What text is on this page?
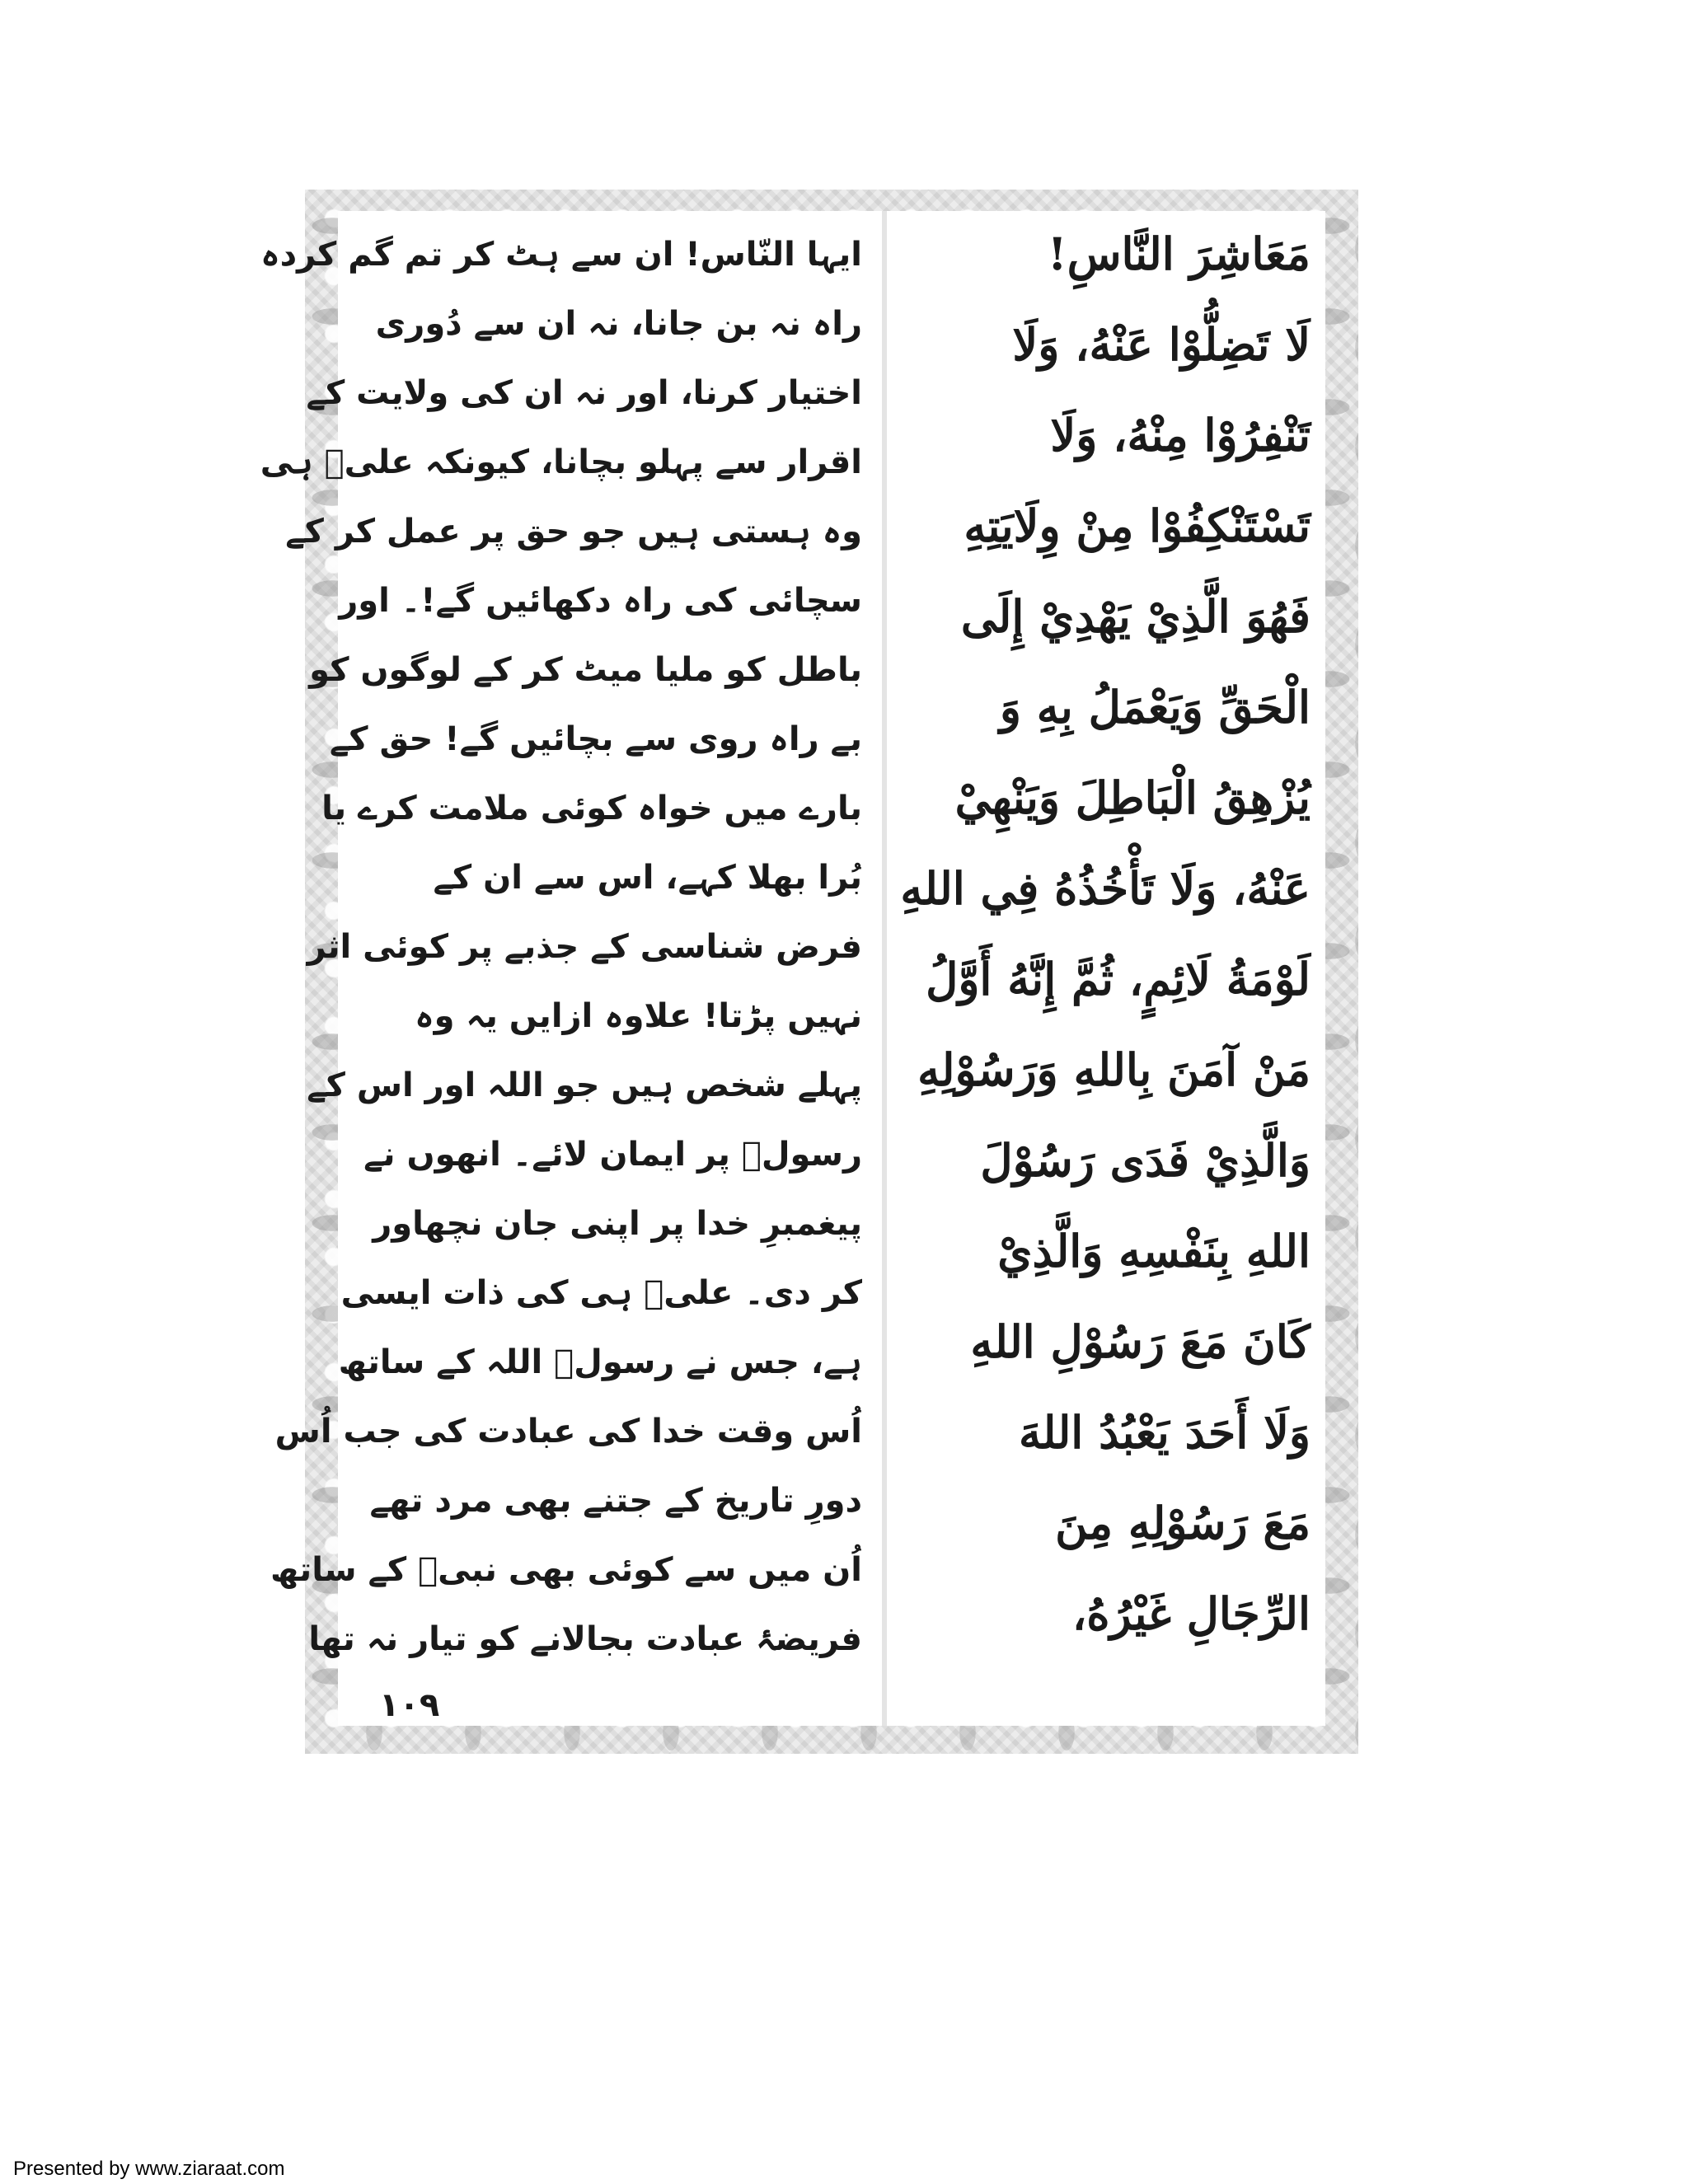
مَعَاشِرَ النَّاسِ!
لَا تَضِلُّوْا عَنْهُ، وَلَا
تَنْفِرُوْا مِنْهُ، وَلَا
تَسْتَنْكِفُوْا مِنْ وِلَايَتِهِ
فَهُوَ الَّذِيْ يَهْدِيْ إِلَى
الْحَقِّ وَيَعْمَلُ بِهِ وَ
يُزْهِقُ الْبَاطِلَ وَيَنْهِيْ
عَنْهُ، وَلَا تَأْخُذُهُ فِي اللهِ
لَوْمَةُ لَائِمٍ، ثُمَّ إِنَّهُ أَوَّلُ
مَنْ آمَنَ بِاللهِ وَرَسُوْلِهِ
وَالَّذِيْ فَدَى رَسُوْلَ
اللهِ بِنَفْسِهِ وَالَّذِيْ
كَانَ مَعَ رَسُوْلِ اللهِ
وَلَا أَحَدَ يَعْبُدُ اللهَ
مَعَ رَسُوْلِهِ مِنَ
الرِّجَالِ غَيْرُهُ،
ایہا النّاس! ان سے ہٹ کر تم گم کردہ
راہ نہ بن جانا، نہ ان سے دُوری
اختیار کرنا، اور نہ ان کی ولایت کے
اقرار سے پہلو بچانا، کیونکہ علیؑ ہی
وہ ہستی ہیں جو حق پر عمل کر کے
سچائی کی راہ دکھائیں گے!۔ اور
باطل کو ملیا میٹ کر کے لوگوں کو
بے راہ روی سے بچائیں گے! حق کے
بارے میں خواہ کوئی ملامت کرے یا
بُرا بھلا کہے، اس سے ان کے
فرض شناسی کے جذبے پر کوئی اثر
نہیں پڑتا! علاوہ ازایں یہ وہ
پہلے شخص ہیں جو اللہ اور اس کے
رسولؐ پر ایمان لائے۔ انھوں نے
پیغمبرِ خدا پر اپنی جان نچھاور
کر دی۔ علیؑ ہی کی ذات ایسی
ہے، جس نے رسولؐ اللہ کے ساتھ
اُس وقت خدا کی عبادت کی جب اُس
دورِ تاریخ کے جتنے بھی مرد تھے
اُن میں سے کوئی بھی نبیؐ کے ساتھ
فریضۂ عبادت بجالانے کو تیار نہ تھا
۱۰۹
Presented by www.ziaraat.com
